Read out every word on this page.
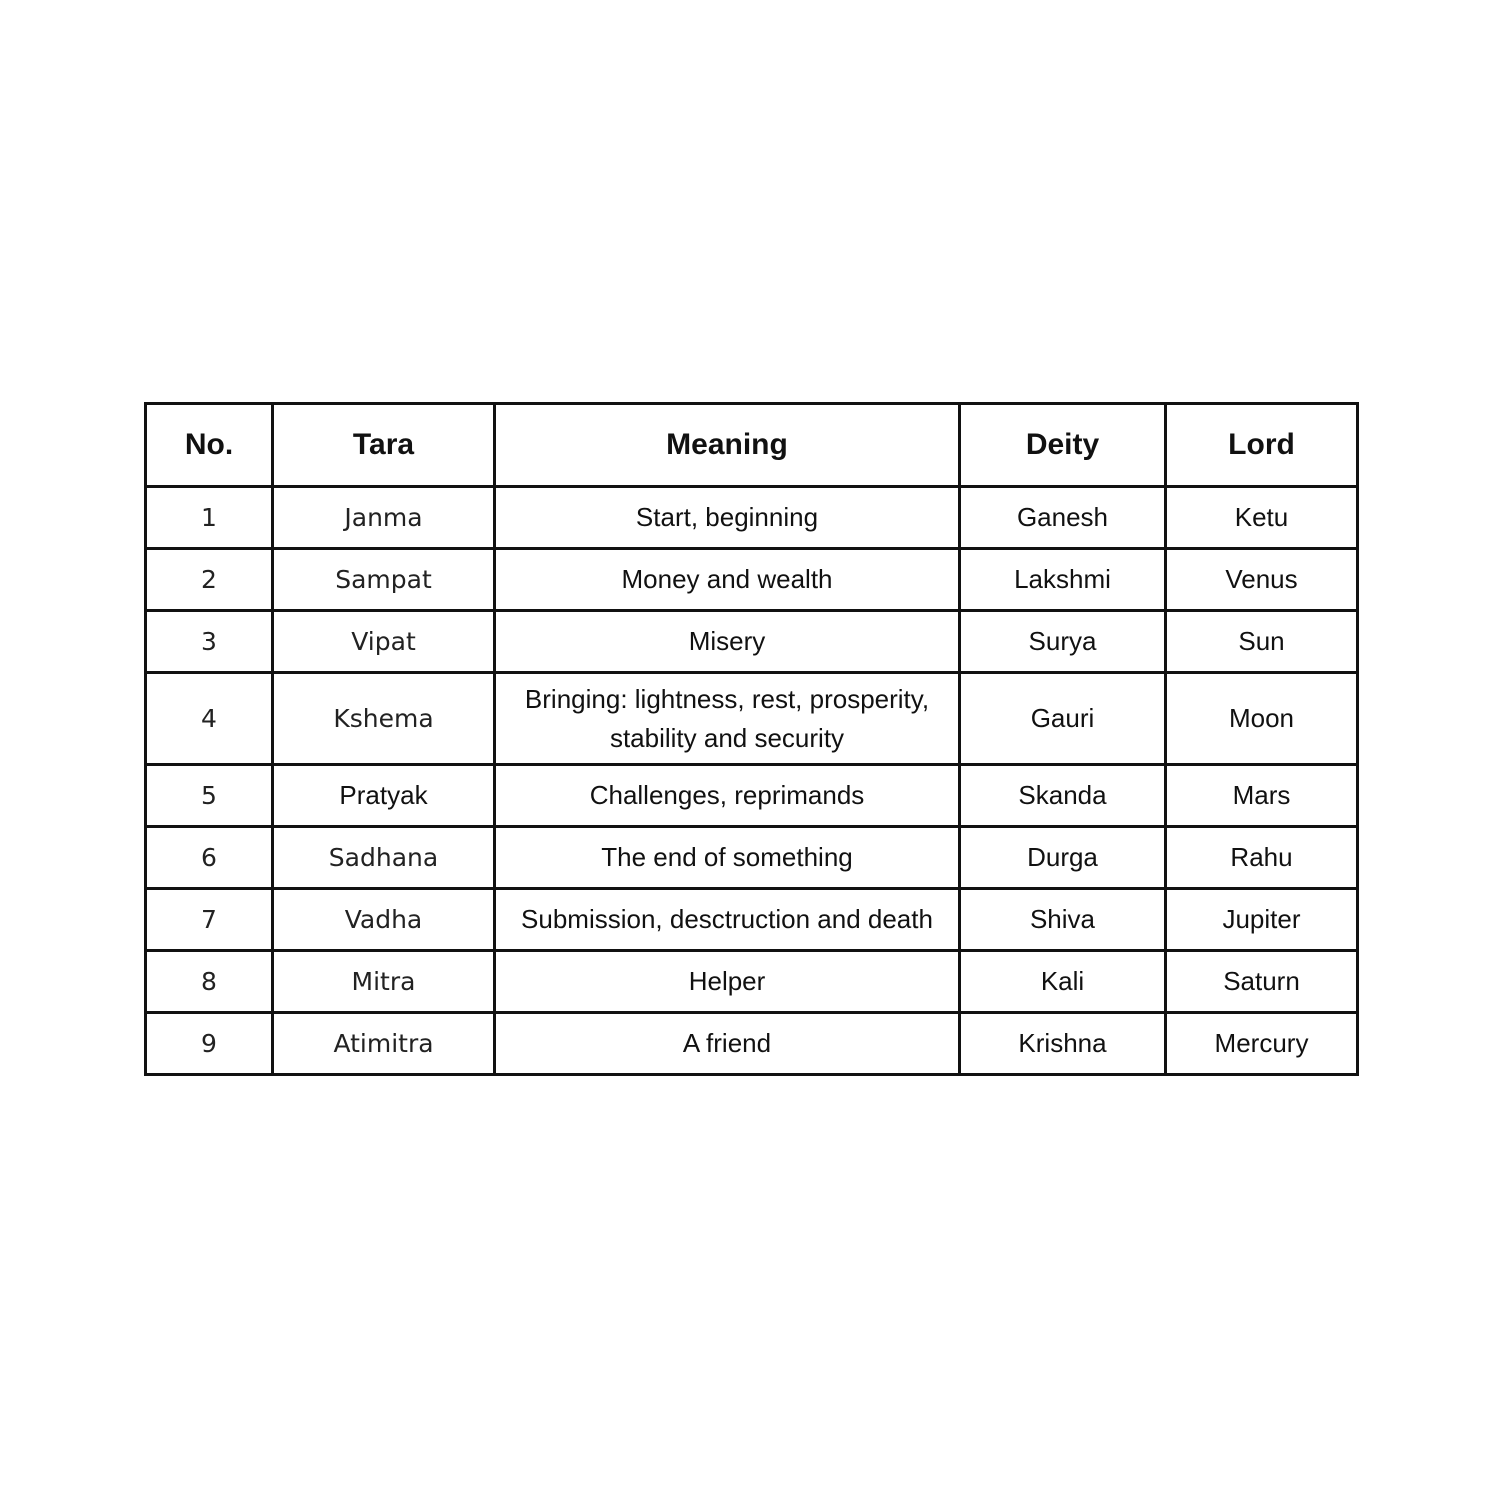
No.	Tara	Meaning	Deity	Lord
1	Janma	Start, beginning	Ganesh	Ketu
2	Sampat	Money and wealth	Lakshmi	Venus
3	Vipat	Misery	Surya	Sun
4	Kshema	Bringing: lightness, rest, prosperity, stability and security	Gauri	Moon
5	Pratyak	Challenges, reprimands	Skanda	Mars
6	Sadhana	The end of something	Durga	Rahu
7	Vadha	Submission, desctruction and death	Shiva	Jupiter
8	Mitra	Helper	Kali	Saturn
9	Atimitra	A friend	Krishna	Mercury
